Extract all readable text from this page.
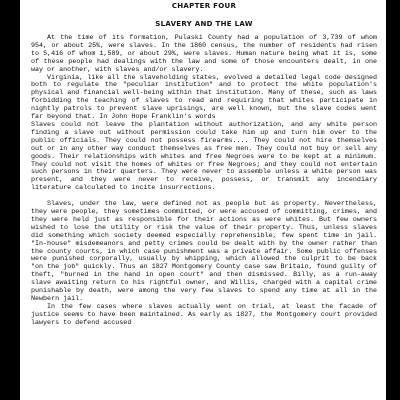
CHAPTER FOUR
SLAVERY AND THE LAW

At the time of its formation, Pulaski County had a population of 3,739 of whom 954, or about 25%, were slaves. In the 1860 census, the number of residents had risen to 5,416 of whom 1,589, or about 29%, were slaves. Human nature being what it is, some of these people had dealings with the law and some of those encounters dealt, in one way or another, with slaves and/or slavery.

Virginia, like all the slaveholding states, evolved a detailed legal code designed both to regulate the "peculiar institution" and to protect the white population's physical and financial well-being within that institution. Many of these, such as laws forbidding the teaching of slaves to read and requiring that whites participate in nightly patrols to prevent slave uprisings, are well known, but the slave codes went far beyond that. In John Hope Franklin's words

Slaves could not leave the plantation without authorization, and any white person finding a slave out without permission could take him up and turn him over to the public officials. They could not possess firearms.... They could not hire themselves out or in any other way conduct themselves as free men. They could not buy or sell any goods. Their relationships with whites and free Negroes were to be kept at a minimum. They could not visit the homes of whites or free Negroes; and they could not entertain such persons in their quarters. They were never to assemble unless a white person was present, and they were never to receive, possess, or transmit any incendiary literature calculated to incite insurrections.

Slaves, under the law, were defined not as people but as property. Nevertheless, they were people, they sometimes committed, or were accused of committing, crimes, and they were held just as responsible for their actions as were whites. But few owners wished to lose the utility or risk the value of their property. Thus, unless slaves did something which society deemed especially reprehensible, few spent time in jail. "In-house" misdemeanors and petty crimes could be dealt with by the owner rather than the county courts, in which case punishment was a private affair. Some public offenses were punished corporally, usually by whipping, which allowed the culprit to be back "on the job" quickly. Thus an 1827 Montgomery County case saw Britain, found guilty of theft, "burned in the hand in open court" and then dismissed. Billy, as a run-away slave awaiting return to his rightful owner, and Willis, charged with a capital crime punishable by death, were among the very few slaves to spend any time at all in the Newbern jail.

In the few cases where slaves actually went on trial, at least the facade of justice seems to have been maintained. As early as 1827, the Montgomery court provided lawyers to defend accused
